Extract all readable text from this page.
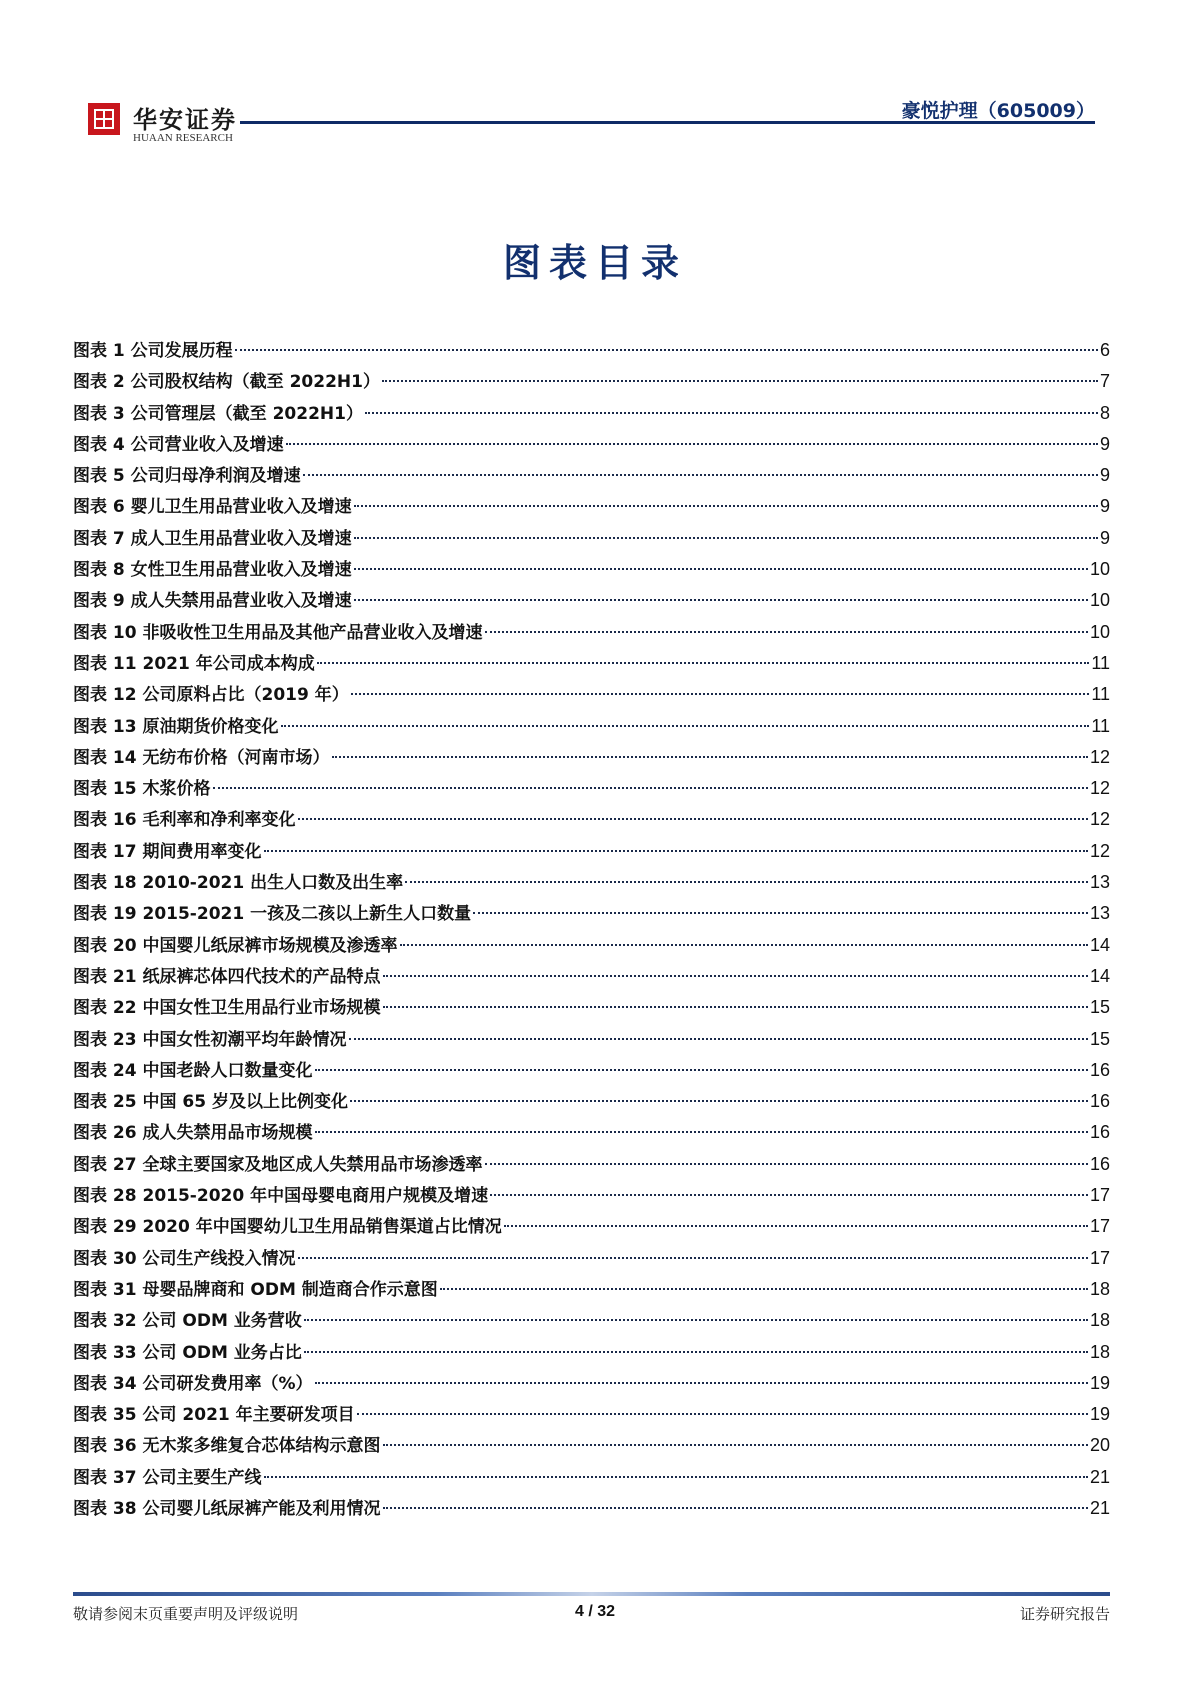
华安证券
HUAAN RESEARCH
豪悦护理（605009）
图表目录
图表 1 公司发展历程	6
图表 2 公司股权结构（截至 2022H1）	7
图表 3 公司管理层（截至 2022H1）	8
图表 4 公司营业收入及增速	9
图表 5 公司归母净利润及增速	9
图表 6 婴儿卫生用品营业收入及增速	9
图表 7 成人卫生用品营业收入及增速	9
图表 8 女性卫生用品营业收入及增速	10
图表 9 成人失禁用品营业收入及增速	10
图表 10 非吸收性卫生用品及其他产品营业收入及增速	10
图表 11 2021 年公司成本构成	11
图表 12 公司原料占比（2019 年）	11
图表 13 原油期货价格变化	11
图表 14 无纺布价格（河南市场）	12
图表 15 木浆价格	12
图表 16 毛利率和净利率变化	12
图表 17 期间费用率变化	12
图表 18 2010-2021 出生人口数及出生率	13
图表 19 2015-2021 一孩及二孩以上新生人口数量	13
图表 20 中国婴儿纸尿裤市场规模及渗透率	14
图表 21 纸尿裤芯体四代技术的产品特点	14
图表 22 中国女性卫生用品行业市场规模	15
图表 23 中国女性初潮平均年龄情况	15
图表 24 中国老龄人口数量变化	16
图表 25 中国 65 岁及以上比例变化	16
图表 26 成人失禁用品市场规模	16
图表 27 全球主要国家及地区成人失禁用品市场渗透率	16
图表 28 2015-2020 年中国母婴电商用户规模及增速	17
图表 29 2020 年中国婴幼儿卫生用品销售渠道占比情况	17
图表 30 公司生产线投入情况	17
图表 31 母婴品牌商和 ODM 制造商合作示意图	18
图表 32 公司 ODM 业务营收	18
图表 33 公司 ODM 业务占比	18
图表 34 公司研发费用率（%）	19
图表 35 公司 2021 年主要研发项目	19
图表 36 无木浆多维复合芯体结构示意图	20
图表 37 公司主要生产线	21
图表 38 公司婴儿纸尿裤产能及利用情况	21
敬请参阅末页重要声明及评级说明	4 / 32	证券研究报告
